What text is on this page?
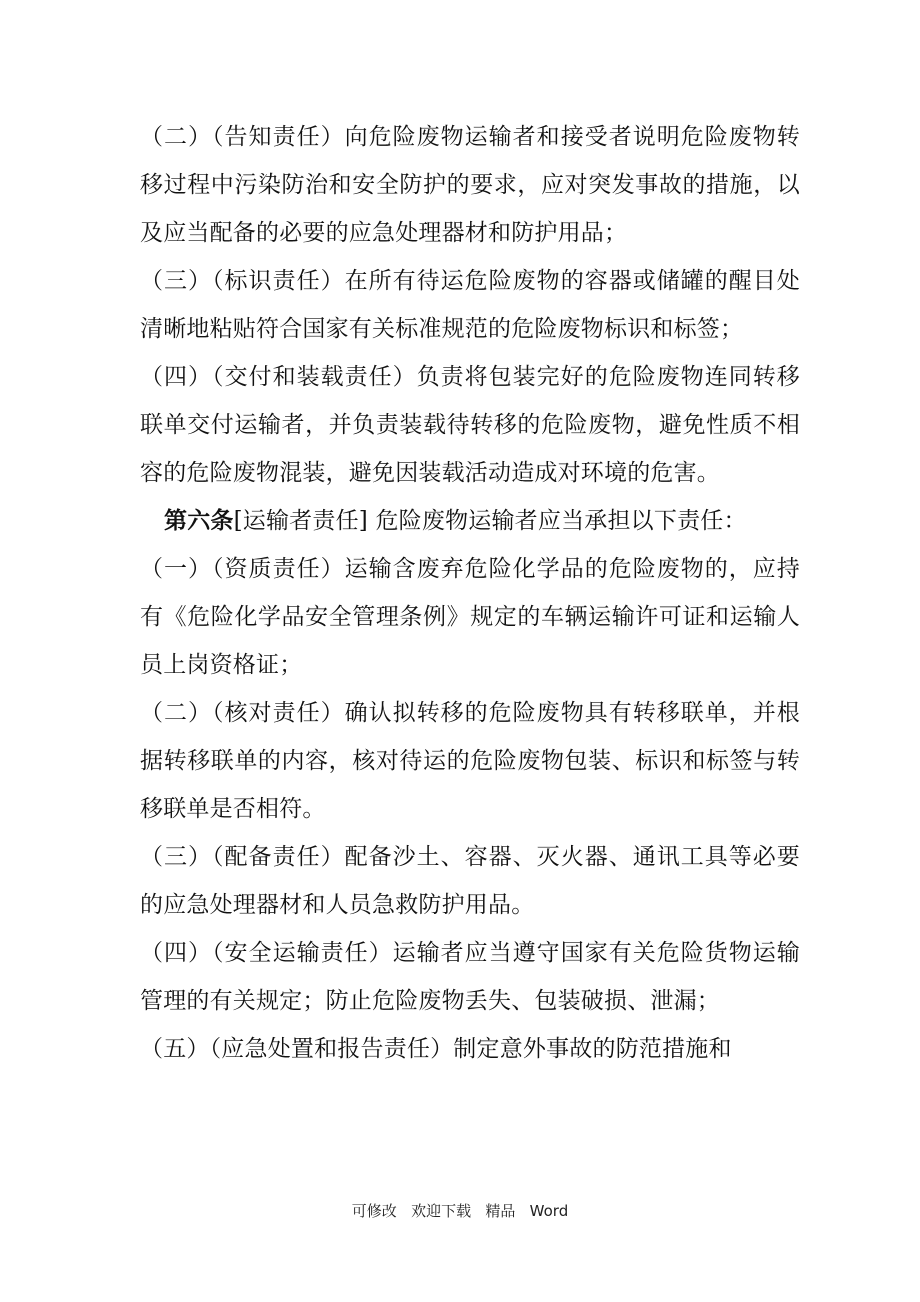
（二）（告知责任）向危险废物运输者和接受者说明危险废物转移过程中污染防治和安全防护的要求，应对突发事故的措施，以及应当配备的必要的应急处理器材和防护用品；

（三）（标识责任）在所有待运危险废物的容器或储罐的醒目处清晰地粘贴符合国家有关标准规范的危险废物标识和标签；

（四）（交付和装载责任）负责将包装完好的危险废物连同转移联单交付运输者，并负责装载待转移的危险废物，避免性质不相容的危险废物混装，避免因装载活动造成对环境的危害。

第六条[运输者责任] 危险废物运输者应当承担以下责任：

（一）（资质责任）运输含废弃危险化学品的危险废物的，应持有《危险化学品安全管理条例》规定的车辆运输许可证和运输人员上岗资格证；

（二）（核对责任）确认拟转移的危险废物具有转移联单，并根据转移联单的内容，核对待运的危险废物包装、标识和标签与转移联单是否相符。

（三）（配备责任）配备沙土、容器、灭火器、通讯工具等必要的应急处理器材和人员急救防护用品。

（四）（安全运输责任）运输者应当遵守国家有关危险货物运输管理的有关规定；防止危险废物丢失、包装破损、泄漏；

（五）（应急处置和报告责任）制定意外事故的防范措施和

可修改   欢迎下载   精品   Word
